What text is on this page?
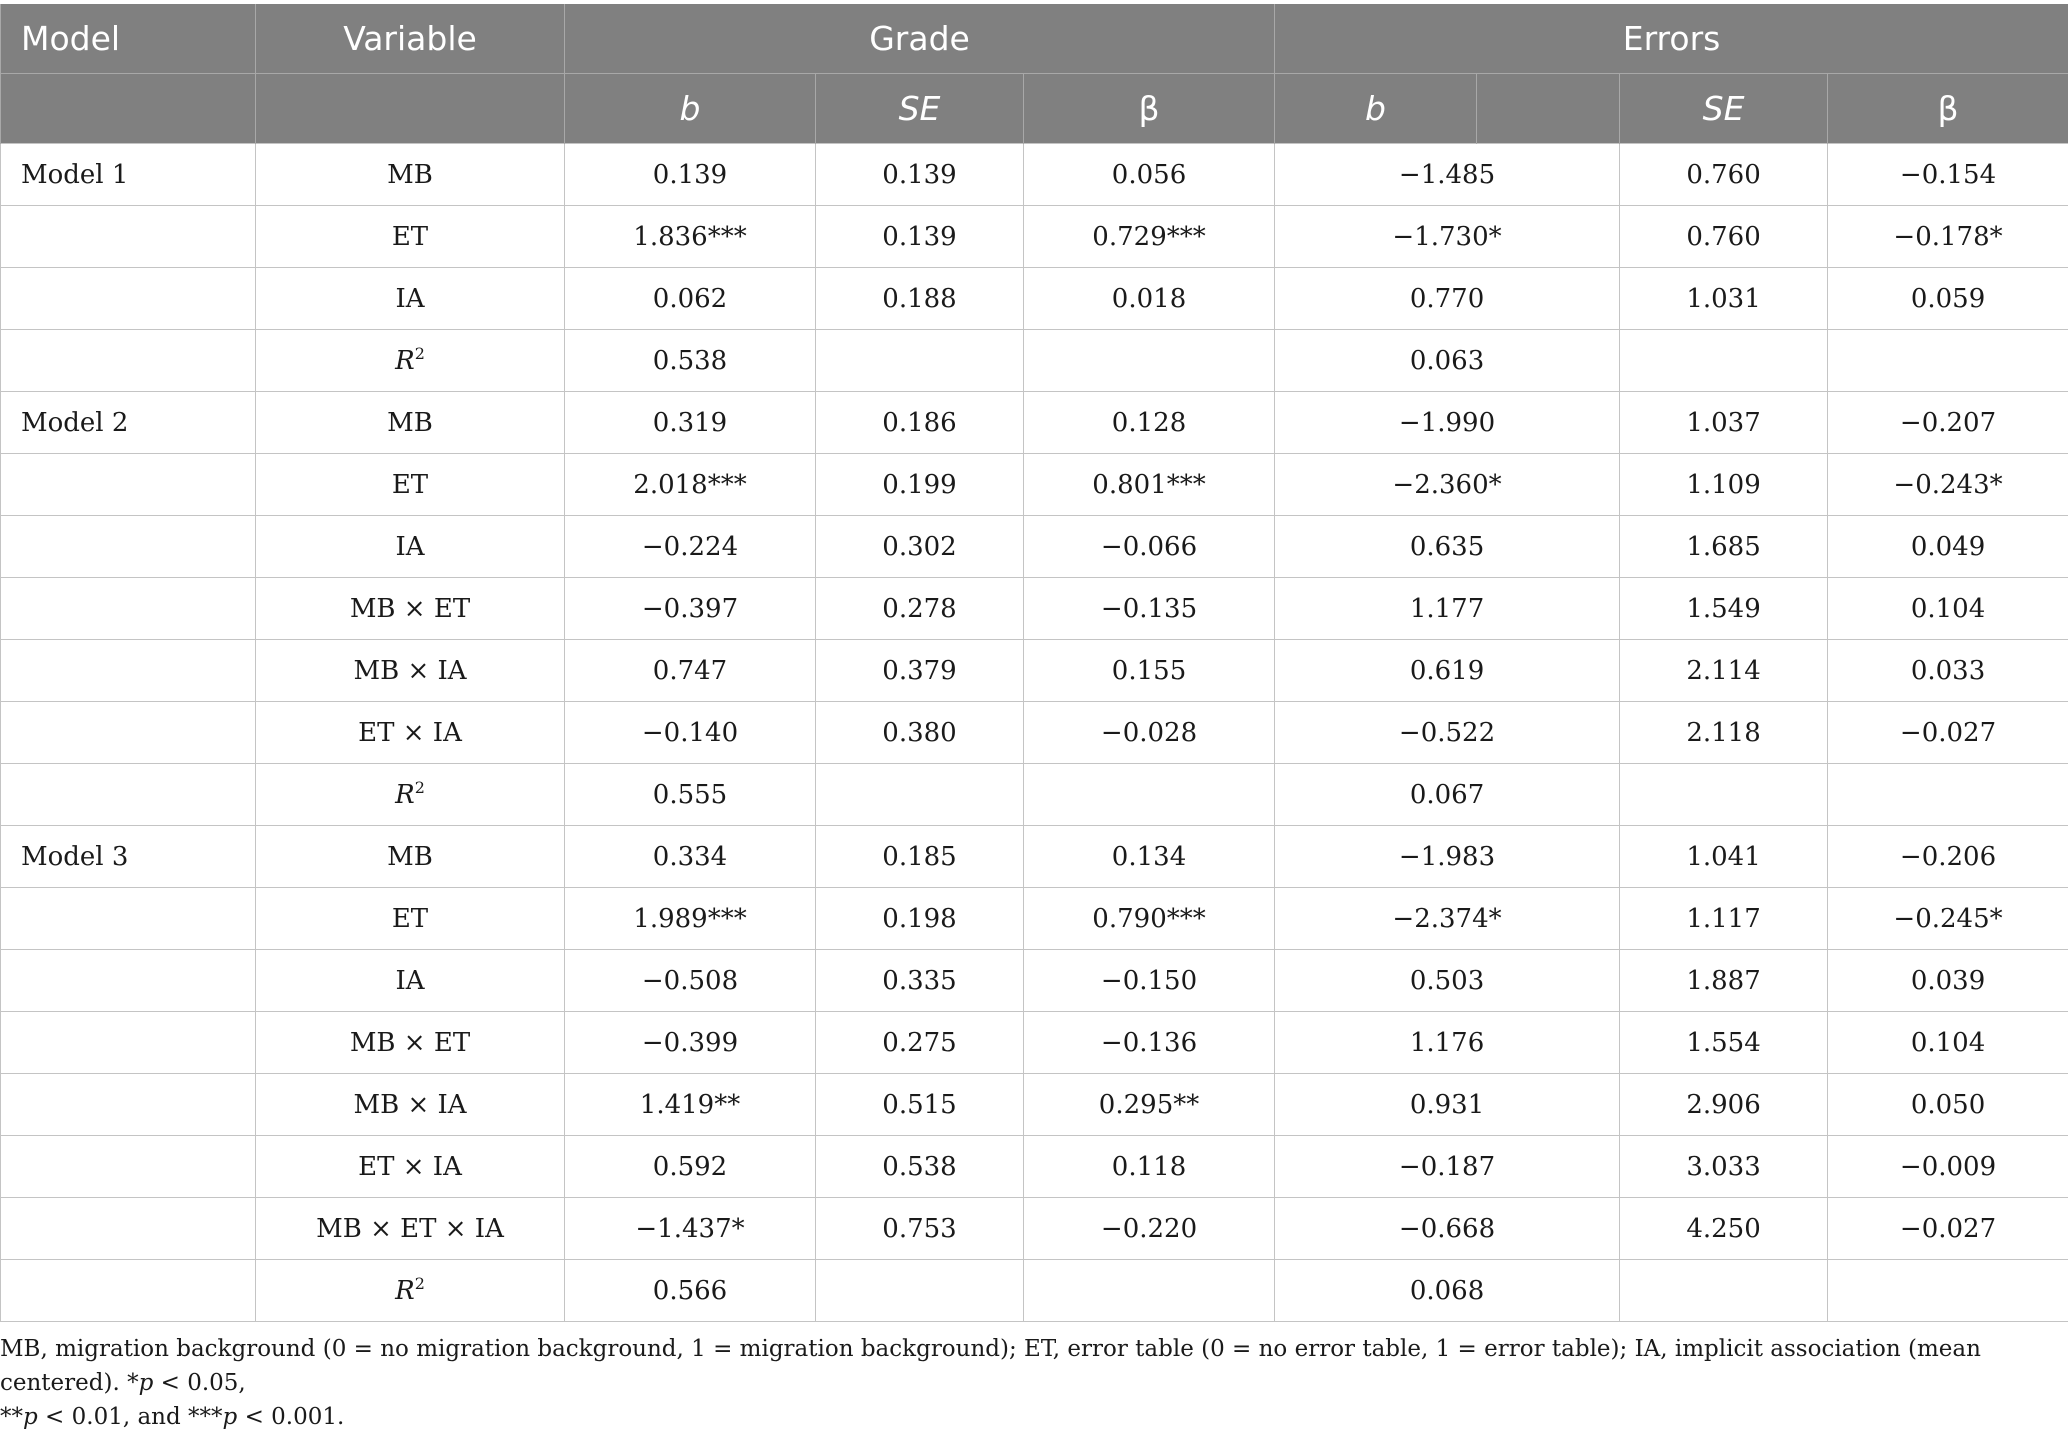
Model	Variable	Grade			Errors			
		b	SE	β	b		SE	β
Model 1	MB	0.139	0.139	0.056	−1.485		0.760	−0.154
	ET	1.836***	0.139	0.729***	−1.730*		0.760	−0.178*
	IA	0.062	0.188	0.018	0.770		1.031	0.059
	$R^2$	0.538			0.063			
Model 2	MB	0.319	0.186	0.128	−1.990		1.037	−0.207
	ET	2.018***	0.199	0.801***	−2.360*		1.109	−0.243*
	IA	−0.224	0.302	−0.066	0.635		1.685	0.049
	MB × ET	−0.397	0.278	−0.135	1.177		1.549	0.104
	MB × IA	0.747	0.379	0.155	0.619		2.114	0.033
	ET × IA	−0.140	0.380	−0.028	−0.522		2.118	−0.027
	$R^2$	0.555			0.067			
Model 3	MB	0.334	0.185	0.134	−1.983		1.041	−0.206
	ET	1.989***	0.198	0.790***	−2.374*		1.117	−0.245*
	IA	−0.508	0.335	−0.150	0.503		1.887	0.039
	MB × ET	−0.399	0.275	−0.136	1.176		1.554	0.104
	MB × IA	1.419**	0.515	0.295**	0.931		2.906	0.050
	ET × IA	0.592	0.538	0.118	−0.187		3.033	−0.009
	MB × ET × IA	−1.437*	0.753	−0.220	−0.668		4.250	−0.027
	$R^2$	0.566			0.068			

MB, migration background (0 = no migration background, 1 = migration background); ET, error table (0 = no error table, 1 = error table); IA, implicit association (mean centered). *p < 0.05,
**p < 0.01, and ***p < 0.001.
